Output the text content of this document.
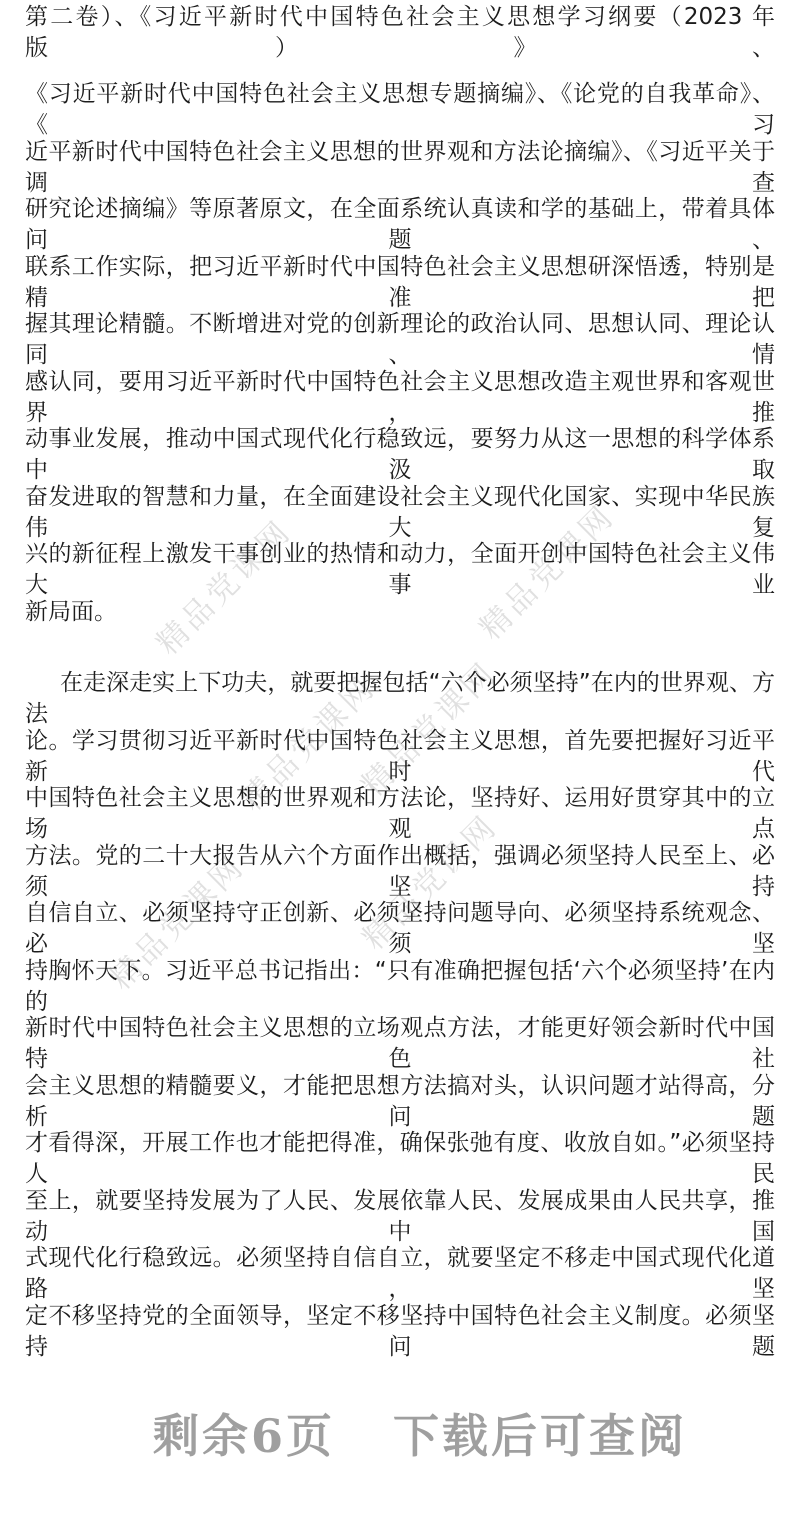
精品党课网	精品党课网
精品党课网
精品党课网
精品党课网
精品党课网
第二卷）、《习近平新时代中国特色社会主义思想学习纲要（2023 年版）》、
《习近平新时代中国特色社会主义思想专题摘编》、《论党的自我革命》、《习
近平新时代中国特色社会主义思想的世界观和方法论摘编》、《习近平关于调查
研究论述摘编》等原著原文，在全面系统认真读和学的基础上，带着具体问题、
联系工作实际，把习近平新时代中国特色社会主义思想研深悟透，特别是精准把
握其理论精髓。不断增进对党的创新理论的政治认同、思想认同、理论认同、情
感认同，要用习近平新时代中国特色社会主义思想改造主观世界和客观世界，推
动事业发展，推动中国式现代化行稳致远，要努力从这一思想的科学体系中汲取
奋发进取的智慧和力量，在全面建设社会主义现代化国家、实现中华民族伟大复
兴的新征程上激发干事创业的热情和动力，全面开创中国特色社会主义伟大事业
新局面。
在走深走实上下功夫，就要把握包括“六个必须坚持”在内的世界观、方法
论。学习贯彻习近平新时代中国特色社会主义思想，首先要把握好习近平新时代
中国特色社会主义思想的世界观和方法论，坚持好、运用好贯穿其中的立场观点
方法。党的二十大报告从六个方面作出概括，强调必须坚持人民至上、必须坚持
自信自立、必须坚持守正创新、必须坚持问题导向、必须坚持系统观念、必须坚
持胸怀天下。习近平总书记指出：“只有准确把握包括‘六个必须坚持’在内的
新时代中国特色社会主义思想的立场观点方法，才能更好领会新时代中国特色社
会主义思想的精髓要义，才能把思想方法搞对头，认识问题才站得高，分析问题
才看得深，开展工作也才能把得准，确保张弛有度、收放自如。”必须坚持人民
至上，就要坚持发展为了人民、发展依靠人民、发展成果由人民共享，推动中国
式现代化行稳致远。必须坚持自信自立，就要坚定不移走中国式现代化道路，坚
定不移坚持党的全面领导，坚定不移坚持中国特色社会主义制度。必须坚持问题
剩余6页 下载后可查阅
